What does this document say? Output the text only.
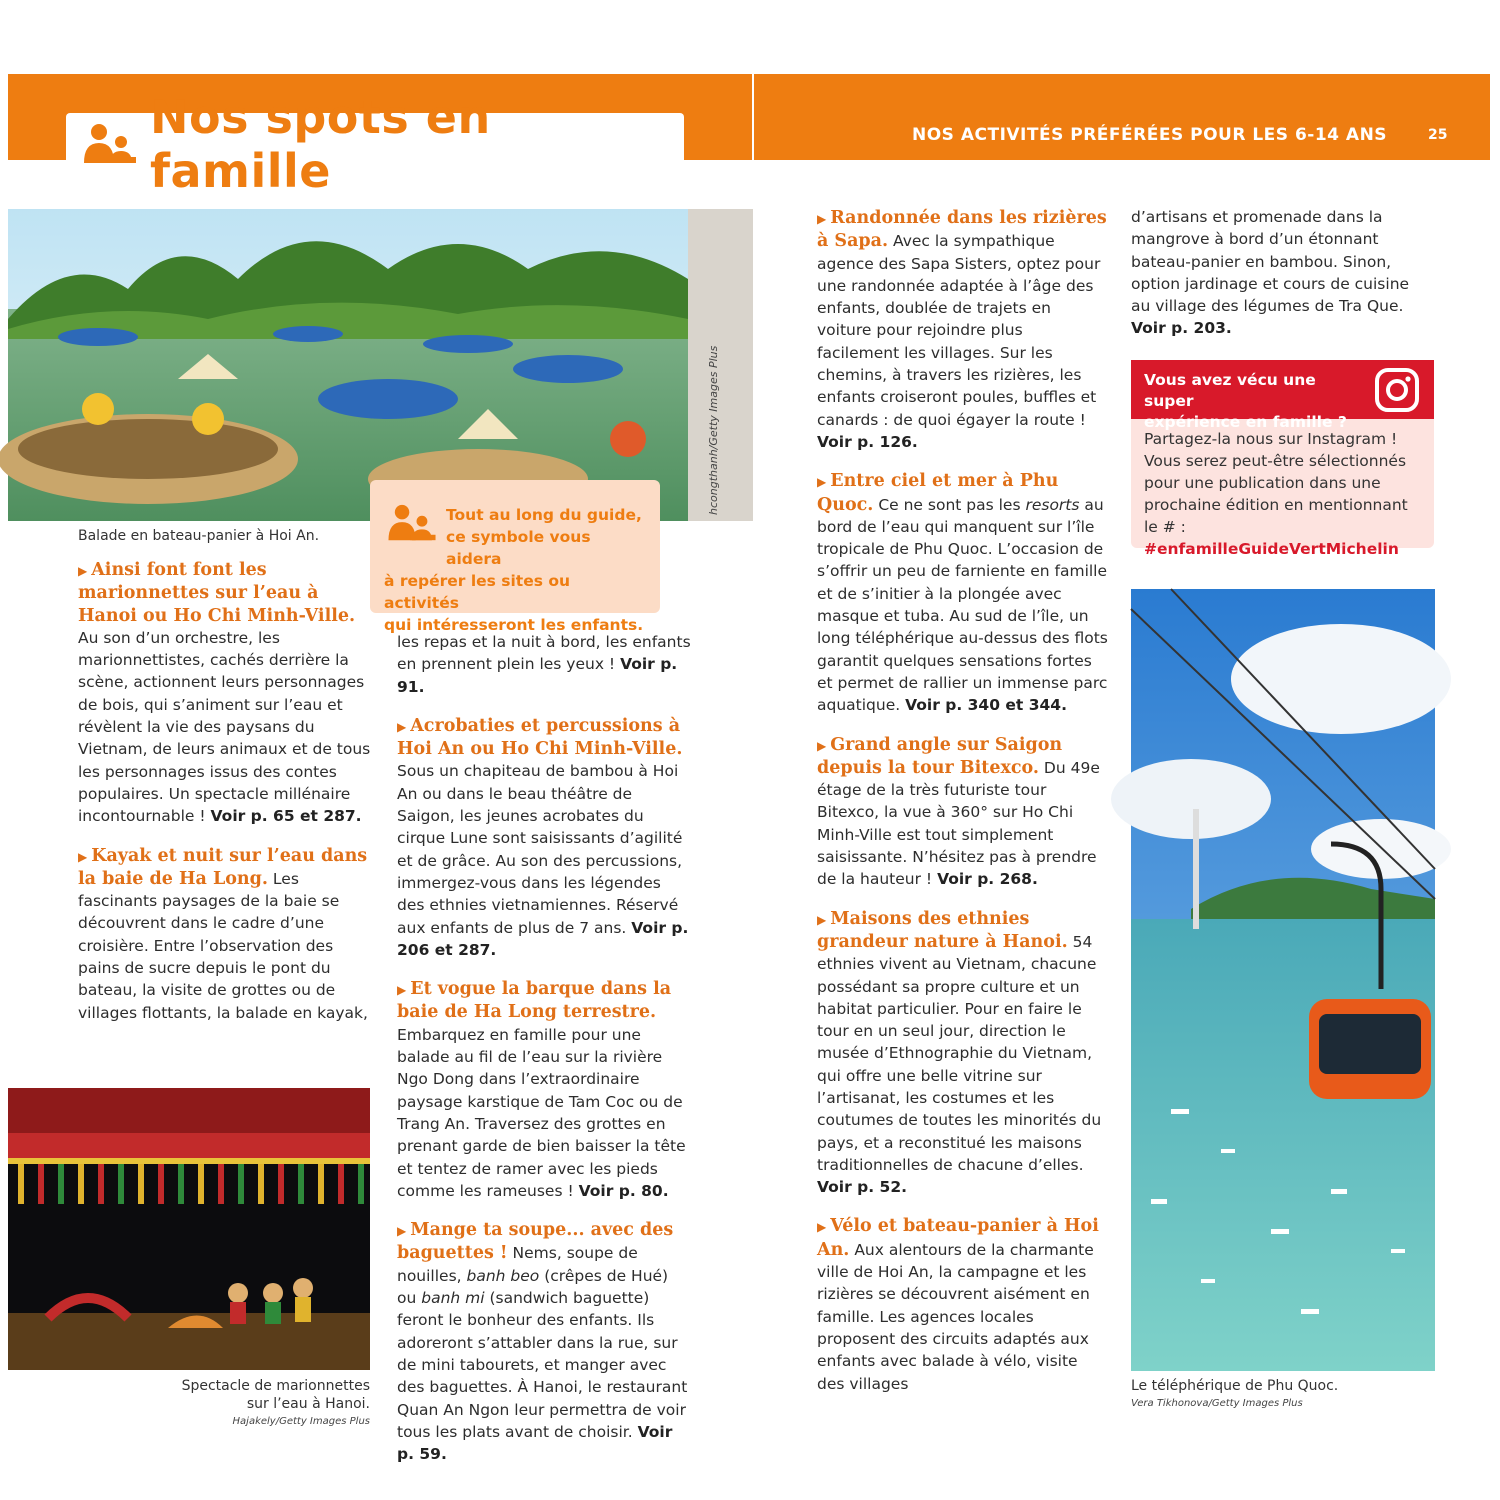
Nos spots en famille
NOS ACTIVITÉS PRÉFÉRÉES POUR LES 6-14 ANS	25
hcongthanh/Getty Images Plus
Balade en bateau-panier à Hoi An.
Tout au long du guide,
ce symbole vous aidera
à repérer les sites ou activités
qui intéresseront les enfants.

▶ Ainsi font font les marionnettes sur l’eau à Hanoi ou Ho Chi Minh-Ville. Au son d’un orchestre, les marionnettistes, cachés derrière la scène, actionnent leurs personnages de bois, qui s’animent sur l’eau et révèlent la vie des paysans du Vietnam, de leurs animaux et de tous les personnages issus des contes populaires. Un spectacle millénaire incontournable ! Voir p. 65 et 287.

▶ Kayak et nuit sur l’eau dans la baie de Ha Long. Les fascinants paysages de la baie se découvrent dans le cadre d’une croisière. Entre l’observation des pains de sucre depuis le pont du bateau, la visite de grottes ou de villages flottants, la balade en kayak,

Spectacle de marionnettes
sur l’eau à Hanoi.
Hajakely/Getty Images Plus

les repas et la nuit à bord, les enfants en prennent plein les yeux ! Voir p. 91.

▶ Acrobaties et percussions à Hoi An ou Ho Chi Minh-Ville. Sous un chapiteau de bambou à Hoi An ou dans le beau théâtre de Saigon, les jeunes acrobates du cirque Lune sont saisissants d’agilité et de grâce. Au son des percussions, immergez-vous dans les légendes des ethnies vietnamiennes. Réservé aux enfants de plus de 7 ans. Voir p. 206 et 287.

▶ Et vogue la barque dans la baie de Ha Long terrestre. Embarquez en famille pour une balade au fil de l’eau sur la rivière Ngo Dong dans l’extraordinaire paysage karstique de Tam Coc ou de Trang An. Traversez des grottes en prenant garde de bien baisser la tête et tentez de ramer avec les pieds comme les rameuses ! Voir p. 80.

▶ Mange ta soupe... avec des baguettes ! Nems, soupe de nouilles, banh beo (crêpes de Hué) ou banh mi (sandwich baguette) feront le bonheur des enfants. Ils adoreront s’attabler dans la rue, sur de mini tabourets, et manger avec des baguettes. À Hanoi, le restaurant Quan An Ngon leur permettra de voir tous les plats avant de choisir. Voir p. 59.

▶ Randonnée dans les rizières à Sapa. Avec la sympathique agence des Sapa Sisters, optez pour une randonnée adaptée à l’âge des enfants, doublée de trajets en voiture pour rejoindre plus facilement les villages. Sur les chemins, à travers les rizières, les enfants croiseront poules, buffles et canards : de quoi égayer la route ! Voir p. 126.

▶ Entre ciel et mer à Phu Quoc. Ce ne sont pas les resorts au bord de l’eau qui manquent sur l’île tropicale de Phu Quoc. L’occasion de s’offrir un peu de farniente en famille et de s’initier à la plongée avec masque et tuba. Au sud de l’île, un long téléphérique au-dessus des flots garantit quelques sensations fortes et permet de rallier un immense parc aquatique. Voir p. 340 et 344.

▶ Grand angle sur Saigon depuis la tour Bitexco. Du 49e étage de la très futuriste tour Bitexco, la vue à 360° sur Ho Chi Minh-Ville est tout simplement saisissante. N’hésitez pas à prendre de la hauteur ! Voir p. 268.

▶ Maisons des ethnies grandeur nature à Hanoi. 54 ethnies vivent au Vietnam, chacune possédant sa propre culture et un habitat particulier. Pour en faire le tour en un seul jour, direction le musée d’Ethnographie du Vietnam, qui offre une belle vitrine sur l’artisanat, les costumes et les coutumes de toutes les minorités du pays, et a reconstitué les maisons traditionnelles de chacune d’elles. Voir p. 52.

▶ Vélo et bateau-panier à Hoi An. Aux alentours de la charmante ville de Hoi An, la campagne et les rizières se découvrent aisément en famille. Les agences locales proposent des circuits adaptés aux enfants avec balade à vélo, visite des villages

d’artisans et promenade dans la mangrove à bord d’un étonnant bateau-panier en bambou. Sinon, option jardinage et cours de cuisine au village des légumes de Tra Que. Voir p. 203.

Vous avez vécu une super
expérience en famille ?
Partagez-la nous sur Instagram ! Vous serez peut-être sélectionnés pour une publication dans une prochaine édition en mentionnant le # : #enfamilleGuideVertMichelin
Le téléphérique de Phu Quoc.
Vera Tikhonova/Getty Images Plus
